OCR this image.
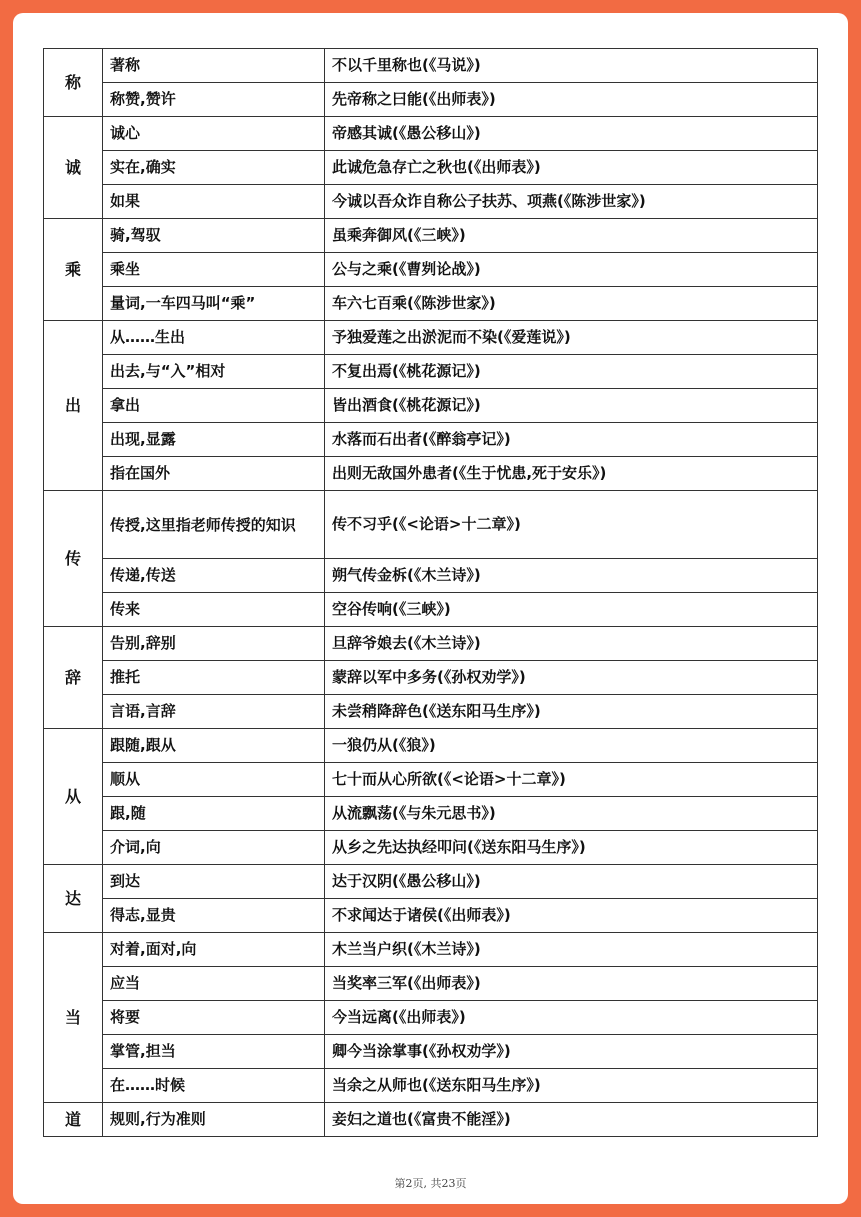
称	著称	不以千里称也(《马说》)
	称赞,赞许	先帝称之曰能(《出师表》)
诚	诚心	帝感其诚(《愚公移山》)
	实在,确实	此诚危急存亡之秋也(《出师表》)
	如果	今诚以吾众诈自称公子扶苏、项燕(《陈涉世家》)
乘	骑,驾驭	虽乘奔御风(《三峡》)
	乘坐	公与之乘(《曹刿论战》)
	量词,一车四马叫“乘”	车六七百乘(《陈涉世家》)
出	从……生出	予独爱莲之出淤泥而不染(《爱莲说》)
	出去,与“入”相对	不复出焉(《桃花源记》)
	拿出	皆出酒食(《桃花源记》)
	出现,显露	水落而石出者(《醉翁亭记》)
	指在国外	出则无敌国外患者(《生于忧患,死于安乐》)
传	传授,这里指老师传授的知识	传不习乎(《<论语>十二章》)
	传递,传送	朔气传金柝(《木兰诗》)
	传来	空谷传响(《三峡》)
辞	告别,辞别	旦辞爷娘去(《木兰诗》)
	推托	蒙辞以军中多务(《孙权劝学》)
	言语,言辞	未尝稍降辞色(《送东阳马生序》)
从	跟随,跟从	一狼仍从(《狼》)
	顺从	七十而从心所欲(《<论语>十二章》)
	跟,随	从流飘荡(《与朱元思书》)
	介词,向	从乡之先达执经叩问(《送东阳马生序》)
达	到达	达于汉阴(《愚公移山》)
	得志,显贵	不求闻达于诸侯(《出师表》)
当	对着,面对,向	木兰当户织(《木兰诗》)
	应当	当奖率三军(《出师表》)
	将要	今当远离(《出师表》)
	掌管,担当	卿今当涂掌事(《孙权劝学》)
	在……时候	当余之从师也(《送东阳马生序》)
道	规则,行为准则	妾妇之道也(《富贵不能淫》)
第2页, 共23页
